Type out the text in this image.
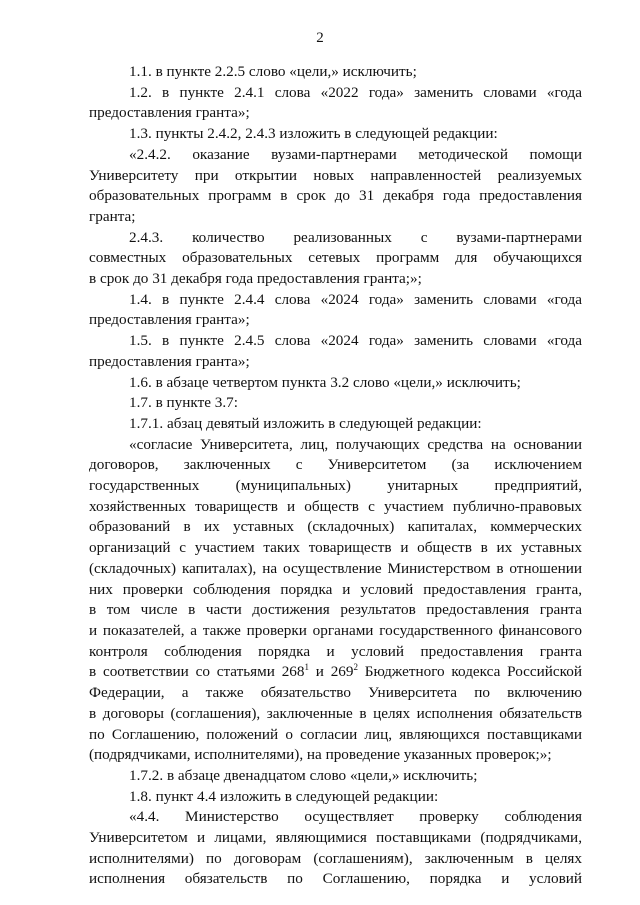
2

1.1. в пункте 2.2.5 слово «цели,» исключить;

1.2. в пункте 2.4.1 слова «2022 года» заменить словами «года

предоставления гранта»;

1.3. пункты 2.4.2, 2.4.3 изложить в следующей редакции:

«2.4.2. оказание вузами-партнерами методической помощи

Университету при открытии новых направленностей реализуемых

образовательных программ в срок до 31 декабря года предоставления

гранта;

2.4.3. количество реализованных с вузами-партнерами

совместных образовательных сетевых программ для обучающихся

в срок до 31 декабря года предоставления гранта;»;

1.4. в пункте 2.4.4 слова «2024 года» заменить словами «года

предоставления гранта»;

1.5. в пункте 2.4.5 слова «2024 года» заменить словами «года

предоставления гранта»;

1.6. в абзаце четвертом пункта 3.2 слово «цели,» исключить;

1.7. в пункте 3.7:

1.7.1. абзац девятый изложить в следующей редакции:

«согласие Университета, лиц, получающих средства на основании

договоров, заключенных с Университетом (за исключением

государственных (муниципальных) унитарных предприятий,

хозяйственных товариществ и обществ с участием публично-правовых

образований в их уставных (складочных) капиталах, коммерческих

организаций с участием таких товариществ и обществ в их уставных

(складочных) капиталах), на осуществление Министерством в отношении

них проверки соблюдения порядка и условий предоставления гранта,

в том числе в части достижения результатов предоставления гранта

и показателей, а также проверки органами государственного финансового

контроля соблюдения порядка и условий предоставления гранта

в соответствии со статьями $268^1$ и $269^2$ Бюджетного кодекса Российской

Федерации, а также обязательство Университета по включению

в договоры (соглашения), заключенные в целях исполнения обязательств

по Соглашению, положений о согласии лиц, являющихся поставщиками

(подрядчиками, исполнителями), на проведение указанных проверок;»;

1.7.2. в абзаце двенадцатом слово «цели,» исключить;

1.8. пункт 4.4 изложить в следующей редакции:

«4.4. Министерство осуществляет проверку соблюдения

Университетом и лицами, являющимися поставщиками (подрядчиками,

исполнителями) по договорам (соглашениям), заключенным в целях

исполнения обязательств по Соглашению, порядка и условий
